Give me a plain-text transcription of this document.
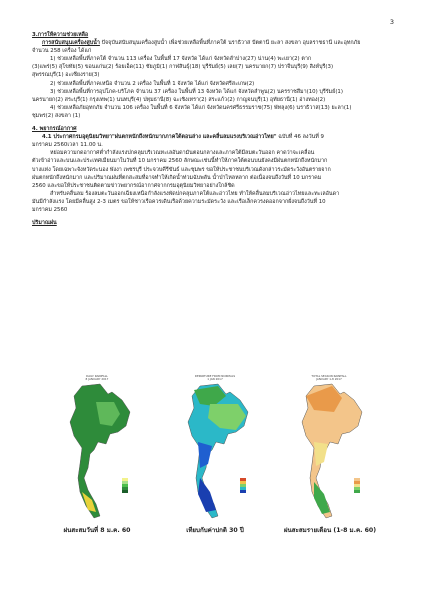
3

3.การให้ความช่วยเหลือ

การสนับสนุนเครื่องสูบน้ำ ปัจจุบันสนับสนุนเครื่องสูบน้ำ เพื่อช่วยเหลือพื้นที่ภาคใต้ นราธิวาส ปัตตานี ยะลา สงขลา อุบลราชธานี และอุทกภัย

จำนวน 258 เครื่อง ได้แก่

1) ช่วยเหลือพื้นที่ภาคใต้ จำนวน 113 เครื่อง ในพื้นที่ 17 จังหวัด ได้แก่ จังหวัดลำปาง(27) น่าน(4) พะเยา(2) ตาก

(3)แพร่(5) สุโขทัย(5) ขอนแก่น(2) ร้อยเอ็ด(11) ชัยภูมิ(1) กาฬสินธุ์(18) บุรีรัมย์(5) เลย(7) นครนายก(7) ปราจีนบุรี(9) สิงห์บุรี(3)

สุพรรณบุรี(1) อะเซียงราย(3)

2) ช่วยเหลือพื้นที่ภาคเหนือ จำนวน 2 เครื่อง ในพื้นที่ 1 จังหวัด ได้แก่ จังหวัดศรีสะเกษ(2)

3) ช่วยเหลือพื้นที่การอุปโภค-บริโภค จำนวน 37 เครื่อง ในพื้นที่ 13 จังหวัด ได้แก่ จังหวัดลำพูน(2) นครราชสีมา(10) บุรีรัมย์(1)

นครนายก(2) สระบุรี(1) กรุงเทพ(1) นนทบุรี(4) ปทุมธานี(8) ฉะเชิงเทรา(2) สระแก้ว(2) กาญจนบุรี(1) อุทัยธานี(1) อ่างทอง(2)

4) ช่วยเหลือภัยอุทกภัย จำนวน 106 เครื่อง ในพื้นที่ 6 จังหวัด ได้แก่ จังหวัดนครศรีธรรมราช(75) พัทลุง(6) นราธิวาส(13) ยะลา(1)

ชุมพร(2) สงขลา (1)

4. พยากรณ์อากาศ

4.1 ประกาศกรมอุตุนิยมวิทยา"ฝนตกหนักถึงหนักมากภาคใต้ตอนล่าง และคลื่นลมแรงบริเวณอ่าวไทย" ฉบับที่ 46 ลงวันที่ 9

มกราคม 2560เวลา 11.00 น.

หย่อมความกดอากาศต่ำกำลังแรงปกคลุมบริเวณทะเลอันดามันตอนกลางและภาคใต้มีลมตะวันออก คาดว่าจะเคลื่อน

ตัวเข้าอ่าวและบนเเละประเทศเมียนมาในวันที่ 10 มกราคม 2560 ลักษณะเช่นนี้ทำให้ภาคใต้ตอนบนยังคงมีฝนตกหนักถึงหนักมาก

บางแห่ง โดยเฉพาะจังหวัดระนอง พังงา เพชรบุรี ประจวบคีรีขันธ์ และชุมพร ขอให้ประชาชนบริเวณดังกล่าวระมัดระวังอันตรายจาก

ฝนตกหนักถึงหนักมาก และปริมาณฝนที่ตกสะสมที่อาจทำให้เกิดน้ำท่วมฉับพลัน น้ำป่าไหลหลาก ต่อเนื่องจนถึงวันที่ 10 มกราคม

2560 และขอให้ประชาชนติดตามข่าวพยากรณ์อากาศจากกรมอุตุนิยมวิทยาอย่างใกล้ชิด

สำหรับคลื่นลม ร้องลมตะวันออกเฉียงเหนือกำลังแรงพัดปกคลุมภาคใต้และอ่าวไทย ทำให้คลื่นลมบริเวณอ่าวไทยและทะเลอันดา

มันมีกำลังแรง โดยมีคลื่นสูง 2-3 เมตร ขอให้ชาวเรือควรเดินเรือด้วยความระมัดระวัง และเรือเล็กควรงดออกจากฝั่งจนถึงวันที่ 10

มกราคม 2560

ปริมาณฝน

DAILY RAINFALL
8 JANUARY 2017
ฝนสะสมวันที่ 8 ม.ค. 60
DEPARTURE FROM NORMALS
1 JAN 2017
เทียบกับค่าปกติ 30 ปี
TOTAL SEASON RAINFALL
JANUARY 1-8 2017
ฝนสะสมรายเดือน (1-8 ม.ค. 60)
